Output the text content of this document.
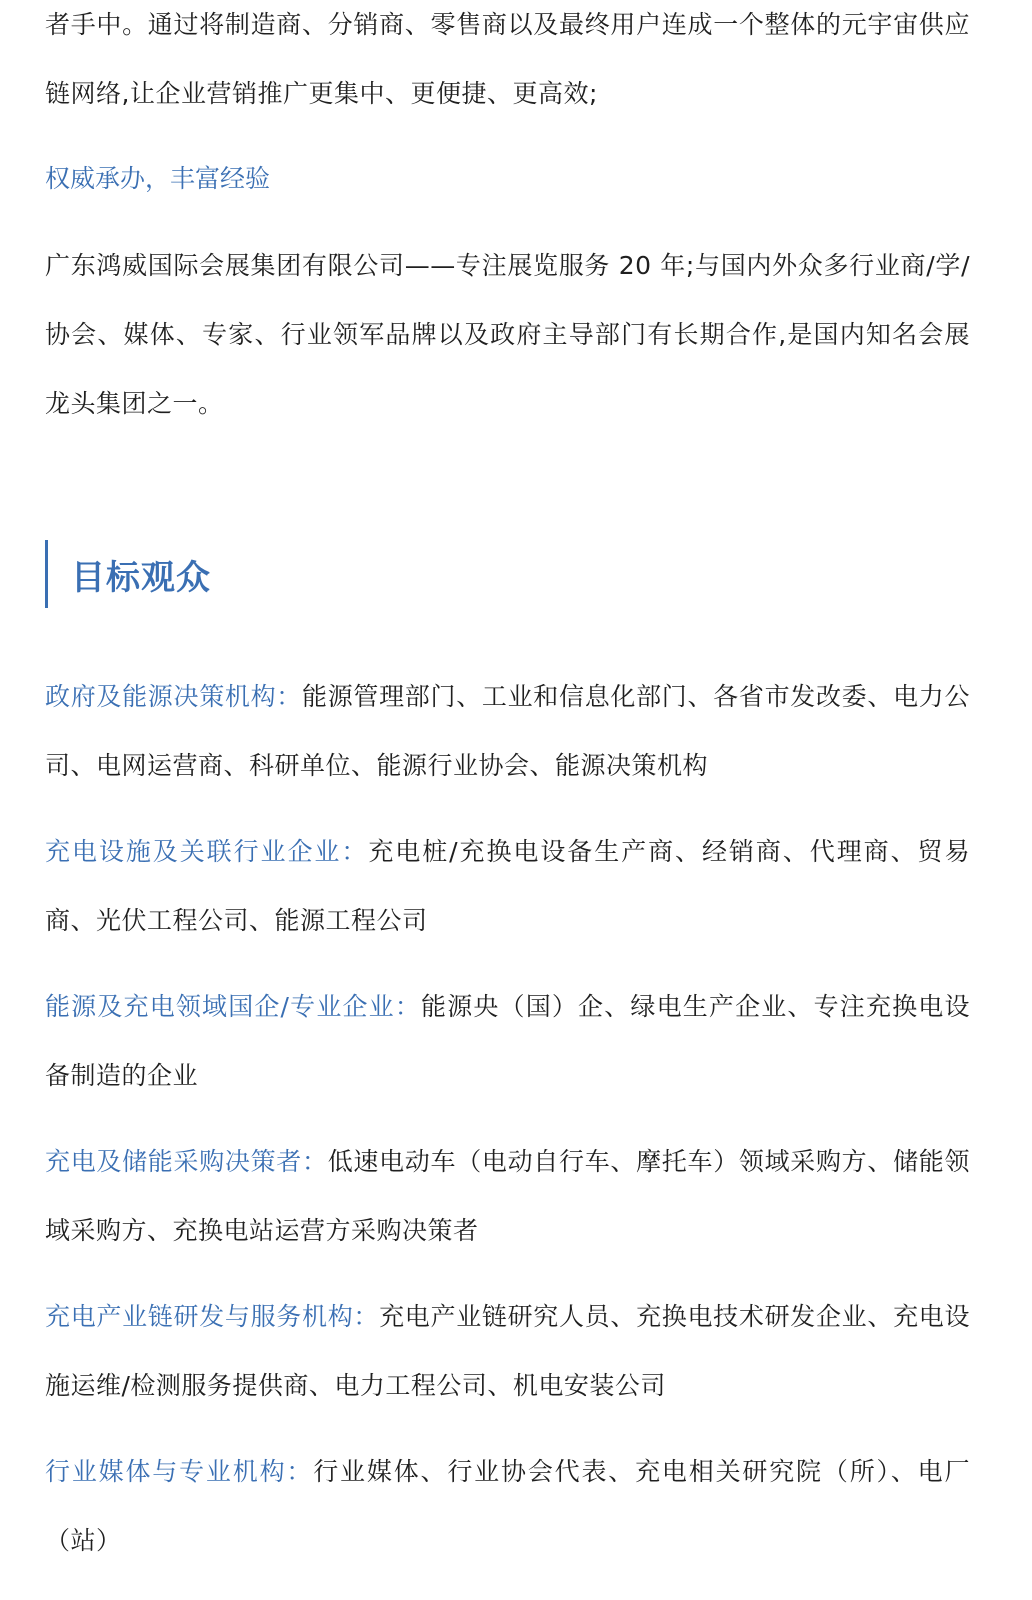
者手中。通过将制造商、分销商、零售商以及最终用户连成一个整体的元宇宙供应链网络,让企业营销推广更集中、更便捷、更高效;

权威承办，丰富经验

广东鸿威国际会展集团有限公司——专注展览服务 20 年;与国内外众多行业商/学/协会、媒体、专家、行业领军品牌以及政府主导部门有长期合作,是国内知名会展龙头集团之一。

目标观众

政府及能源决策机构：能源管理部门、工业和信息化部门、各省市发改委、电力公司、电网运营商、科研单位、能源行业协会、能源决策机构

充电设施及关联行业企业：充电桩/充换电设备生产商、经销商、代理商、贸易商、光伏工程公司、能源工程公司

能源及充电领域国企/专业企业：能源央（国）企、绿电生产企业、专注充换电设备制造的企业

充电及储能采购决策者：低速电动车（电动自行车、摩托车）领域采购方、储能领域采购方、充换电站运营方采购决策者

充电产业链研发与服务机构：充电产业链研究人员、充换电技术研发企业、充电设施运维/检测服务提供商、电力工程公司、机电安装公司

行业媒体与专业机构：行业媒体、行业协会代表、充电相关研究院（所）、电厂（站）
